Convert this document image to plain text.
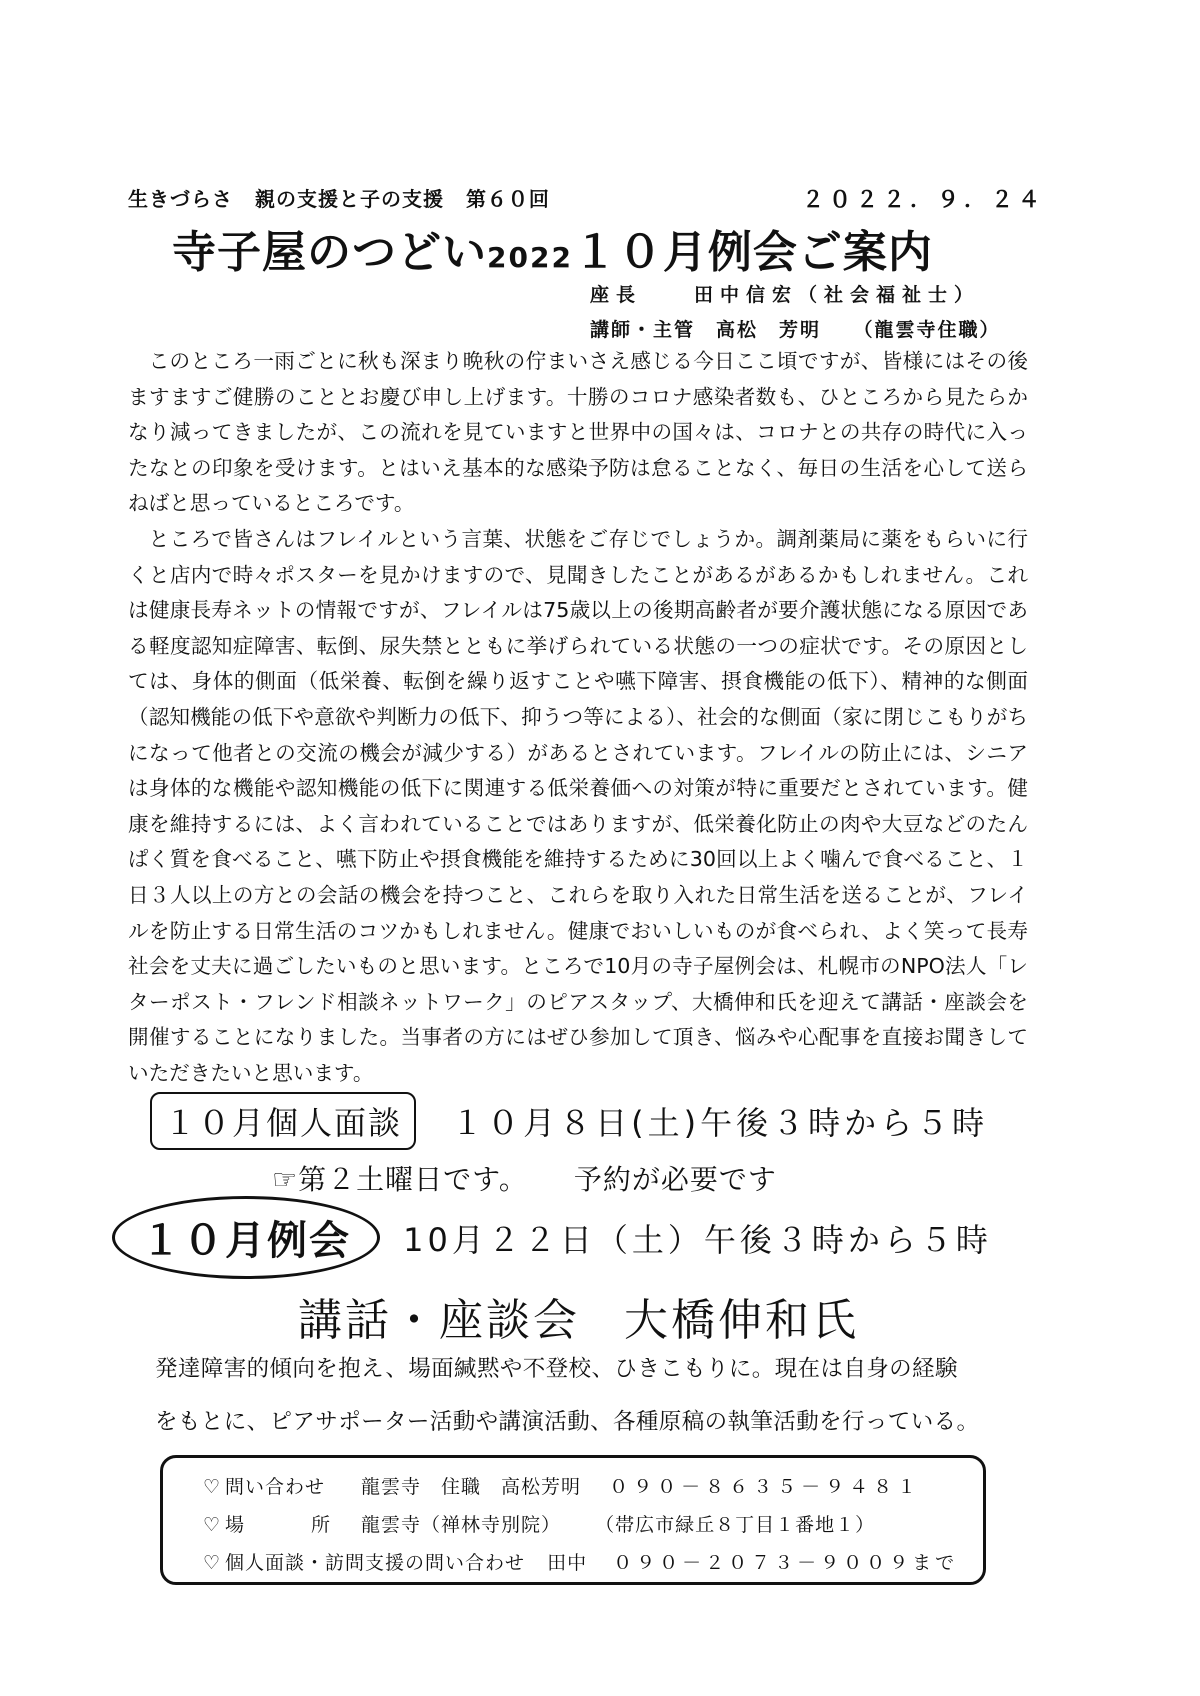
生きづらさ 親の支援と子の支援 第６０回	２０２２．９．２４
寺子屋のつどい2022１０月例会ご案内
座長　　田中信宏（社会福祉士）
講師・主管　高松　芳明　　（龍雲寺住職）

このところ一雨ごとに秋も深まり晩秋の佇まいさえ感じる今日ここ頃ですが、皆様にはその後ますますご健勝のこととお慶び申し上げます。十勝のコロナ感染者数も、ひところから見たらかなり減ってきましたが、この流れを見ていますと世界中の国々は、コロナとの共存の時代に入ったなとの印象を受けます。とはいえ基本的な感染予防は怠ることなく、毎日の生活を心して送らねばと思っているところです。

ところで皆さんはフレイルという言葉、状態をご存じでしょうか。調剤薬局に薬をもらいに行くと店内で時々ポスターを見かけますので、見聞きしたことがあるがあるかもしれません。これは健康長寿ネットの情報ですが、フレイルは75歳以上の後期高齢者が要介護状態になる原因である軽度認知症障害、転倒、尿失禁とともに挙げられている状態の一つの症状です。その原因としては、身体的側面（低栄養、転倒を繰り返すことや嚥下障害、摂食機能の低下）、精神的な側面（認知機能の低下や意欲や判断力の低下、抑うつ等による）、社会的な側面（家に閉じこもりがちになって他者との交流の機会が減少する）があるとされています。フレイルの防止には、シニアは身体的な機能や認知機能の低下に関連する低栄養価への対策が特に重要だとされています。健康を維持するには、よく言われていることではありますが、低栄養化防止の肉や大豆などのたんぱく質を食べること、嚥下防止や摂食機能を維持するために30回以上よく噛んで食べること、１日３人以上の方との会話の機会を持つこと、これらを取り入れた日常生活を送ることが、フレイルを防止する日常生活のコツかもしれません。健康でおいしいものが食べられ、よく笑って長寿社会を丈夫に過ごしたいものと思います。ところで10月の寺子屋例会は、札幌市のNPO法人「レターポスト・フレンド相談ネットワーク」のピアスタップ、大橋伸和氏を迎えて講話・座談会を開催することになりました。当事者の方にはぜひ参加して頂き、悩みや心配事を直接お聞きしていただきたいと思います。

１０月個人面談 １０月８日(土)午後３時から５時
☞第２土曜日です。 予約が必要です
１０月例会 10月２２日（土）午後３時から５時
講話・座談会 大橋伸和氏

発達障害的傾向を抱え、場面緘黙や不登校、ひきこもりに。現在は自身の経験

をもとに、ピアサポーター活動や講演活動、各種原稿の執筆活動を行っている。

♡ 問い合わせ 龍雲寺　住職　高松芳明 ０９０－８６３５－９４８１
♡ 場	所 龍雲寺（禅林寺別院） （帯広市緑丘８丁目１番地１）
♡ 個人面談・訪問支援の問い合わせ 田中 ０９０－２０７３－９００９まで
